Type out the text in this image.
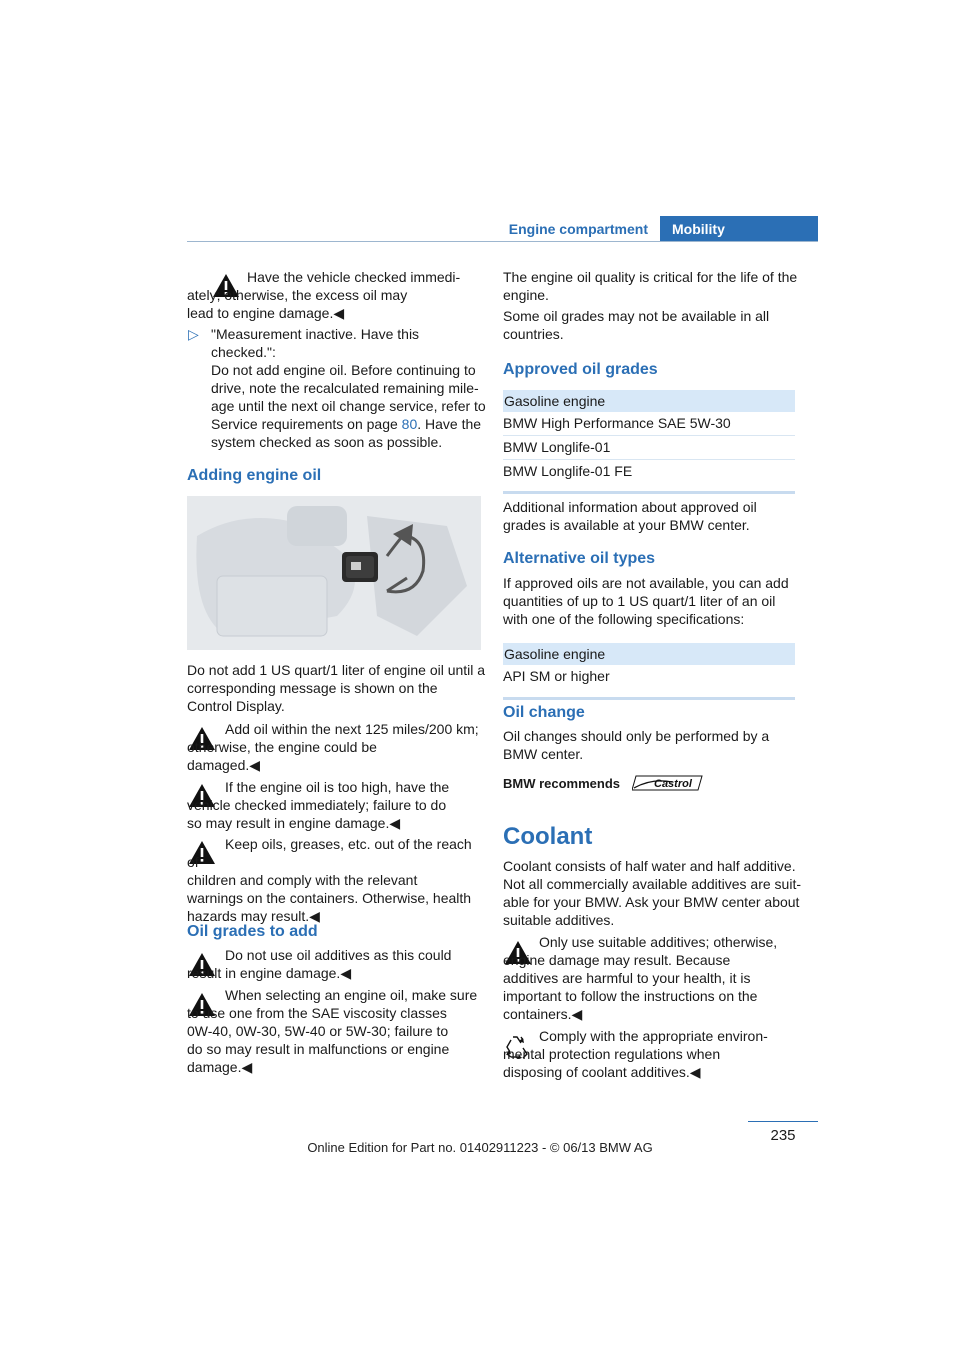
Engine compartment	Mobility
Have the vehicle checked immedi-
ately; otherwise, the excess oil may
lead to engine damage.◀
▷ "Measurement inactive. Have this
checked.":
Do not add engine oil. Before continuing to
drive, note the recalculated remaining mile-
age until the next oil change service, refer to
Service requirements on page 80. Have the
system checked as soon as possible.
Adding engine oil
Do not add 1 US quart/1 liter of engine oil until a
corresponding message is shown on the
Control Display.
Add oil within the next 125 miles/200 km;
otherwise, the engine could be
damaged.◀
If the engine oil is too high, have the
vehicle checked immediately; failure to do
so may result in engine damage.◀
Keep oils, greases, etc. out of the reach of
children and comply with the relevant
warnings on the containers. Otherwise, health
hazards may result.◀
Oil grades to add
Do not use oil additives as this could
result in engine damage.◀
When selecting an engine oil, make sure
to use one from the SAE viscosity classes
0W-40, 0W-30, 5W-40 or 5W-30; failure to
do so may result in malfunctions or engine
damage.◀
The engine oil quality is critical for the life of the
engine.
Some oil grades may not be available in all
countries.
Approved oil grades
Gasoline engine
BMW High Performance SAE 5W-30
BMW Longlife-01
BMW Longlife-01 FE
Additional information about approved oil
grades is available at your BMW center.
Alternative oil types
If approved oils are not available, you can add
quantities of up to 1 US quart/1 liter of an oil
with one of the following specifications:
Gasoline engine
API SM or higher
Oil change
Oil changes should only be performed by a
BMW center.
BMW recommends	Castrol
Coolant
Coolant consists of half water and half additive.
Not all commercially available additives are suit-
able for your BMW. Ask your BMW center about
suitable additives.
Only use suitable additives; otherwise,
engine damage may result. Because
additives are harmful to your health, it is
important to follow the instructions on the
containers.◀
Comply with the appropriate environ-
mental protection regulations when
disposing of coolant additives.◀
235
Online Edition for Part no. 01402911223 - © 06/13 BMW AG
